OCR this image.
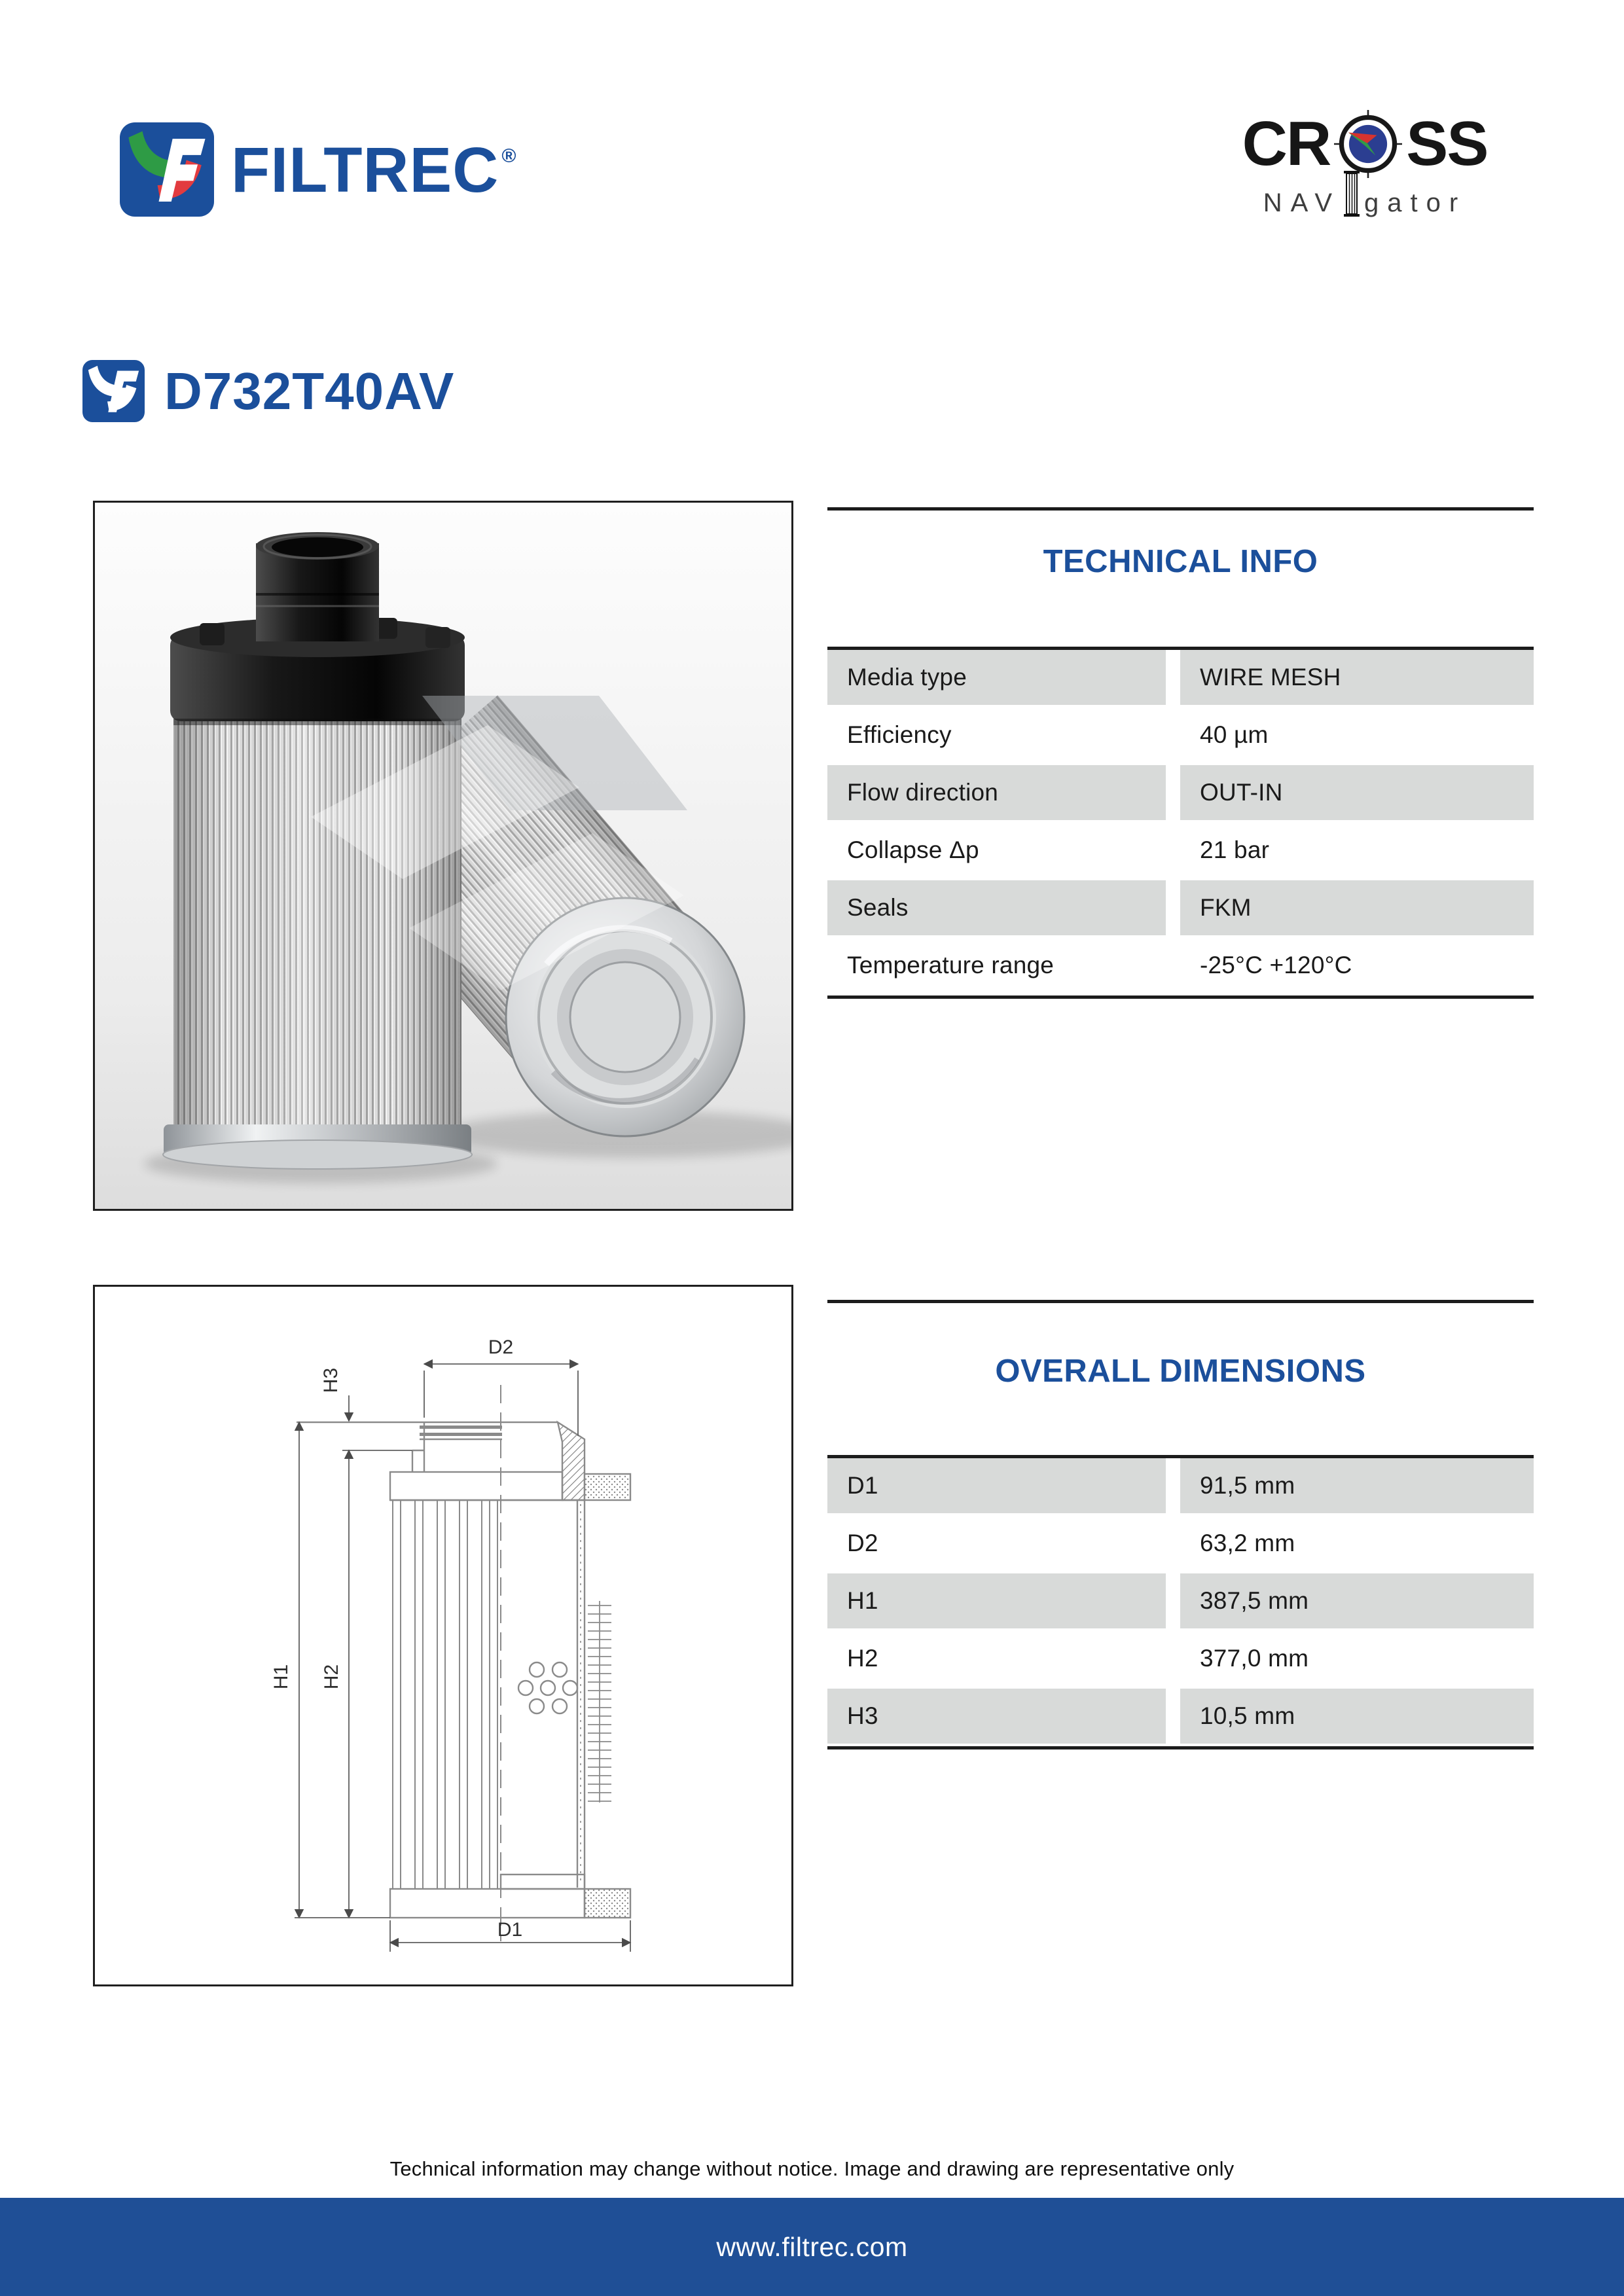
FILTREC ®	CR SS
NAV gator
D732T40AV
TECHNICAL INFO
Media type	WIRE MESH
Efficiency	40 µm
Flow direction	OUT-IN
Collapse Δp	21 bar
Seals	FKM
Temperature range	-25°C +120°C
D2
H3
H1 H2
D1
OVERALL DIMENSIONS
D1	91,5 mm
D2	63,2 mm
H1	387,5 mm
H2	377,0 mm
H3	10,5 mm
Technical information may change without notice. Image and drawing are representative only
www.filtrec.com
